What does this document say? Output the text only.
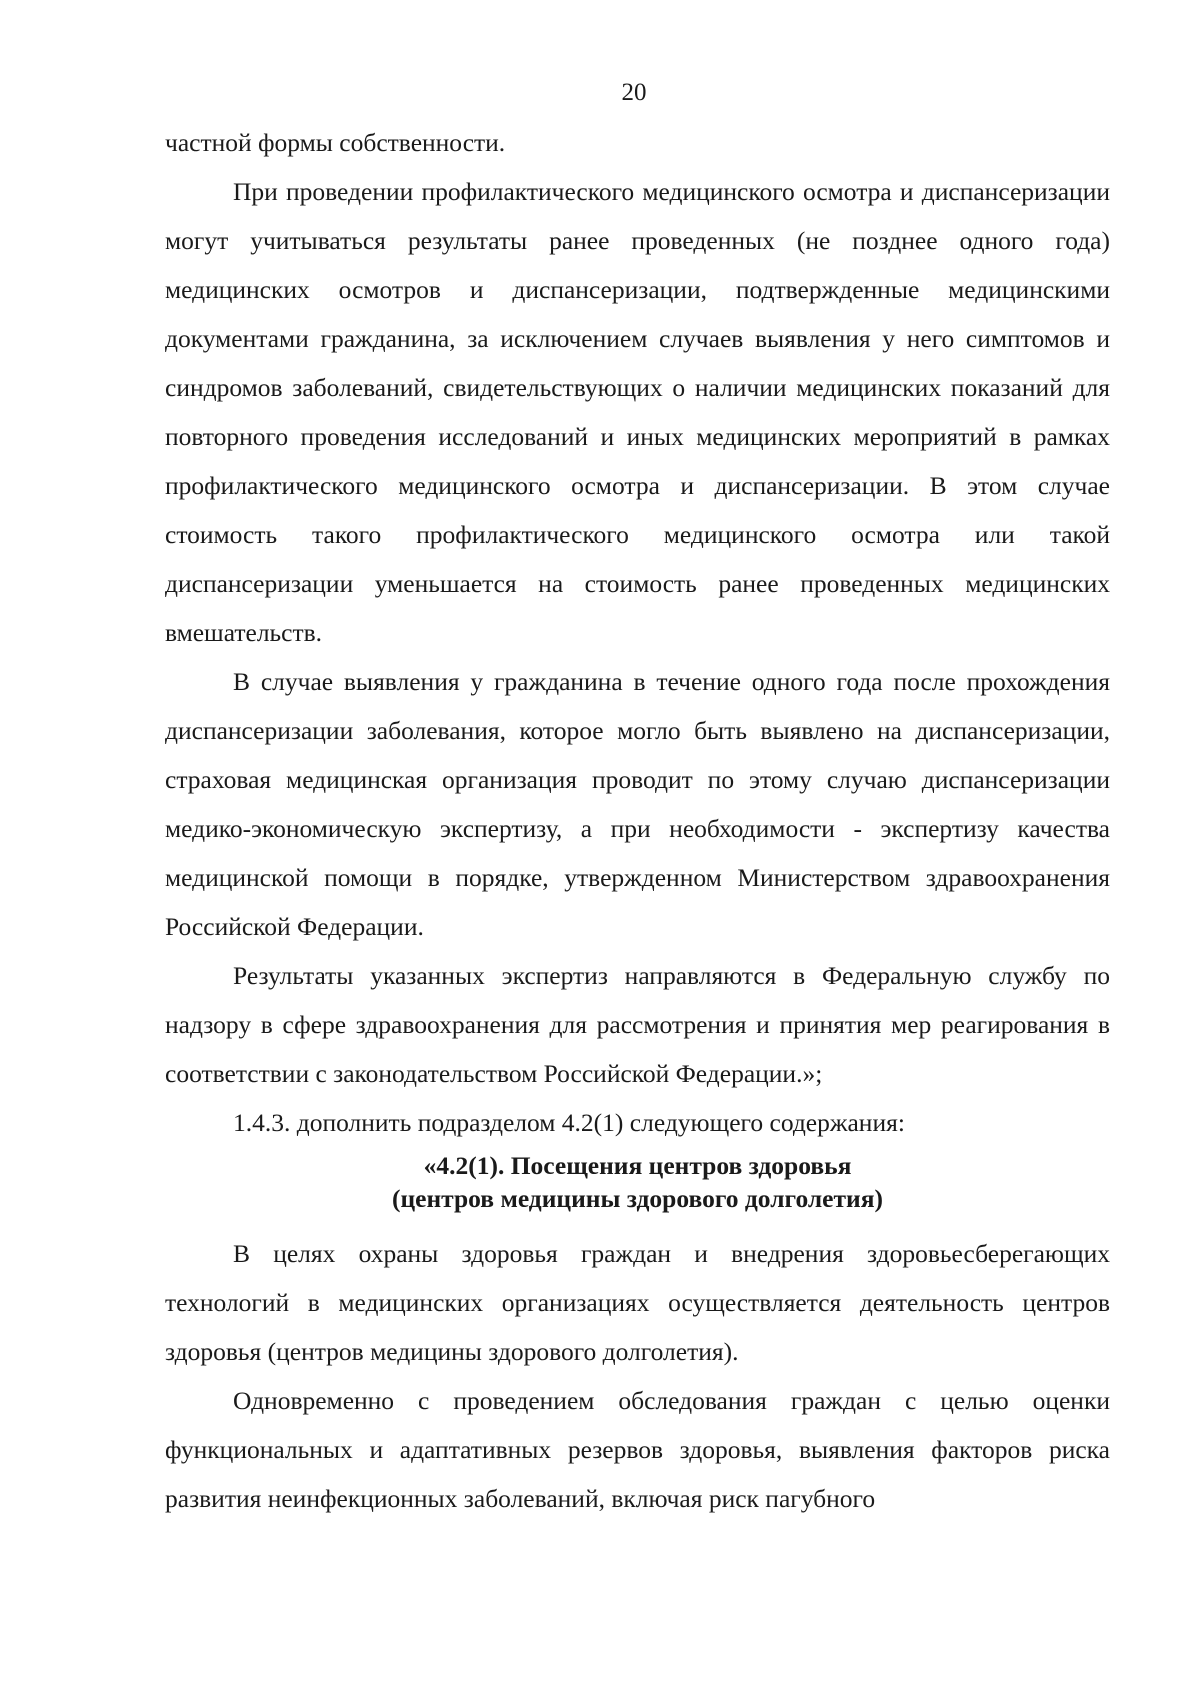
20

частной формы собственности.

При проведении профилактического медицинского осмотра и диспансеризации могут учитываться результаты ранее проведенных (не позднее одного года) медицинских осмотров и диспансеризации, подтвержденные медицинскими документами гражданина, за исключением случаев выявления у него симптомов и синдромов заболеваний, свидетельствующих о наличии медицинских показаний для повторного проведения исследований и иных медицинских мероприятий в рамках профилактического медицинского осмотра и диспансеризации. В этом случае стоимость такого профилактического медицинского осмотра или такой диспансеризации уменьшается на стоимость ранее проведенных медицинских вмешательств.

В случае выявления у гражданина в течение одного года после прохождения диспансеризации заболевания, которое могло быть выявлено на диспансеризации, страховая медицинская организация проводит по этому случаю диспансеризации медико-экономическую экспертизу, а при необходимости - экспертизу качества медицинской помощи в порядке, утвержденном Министерством здравоохранения Российской Федерации.

Результаты указанных экспертиз направляются в Федеральную службу по надзору в сфере здравоохранения для рассмотрения и принятия мер реагирования в соответствии с законодательством Российской Федерации.»;

1.4.3. дополнить подразделом 4.2(1) следующего содержания:

«4.2(1). Посещения центров здоровья
(центров медицины здорового долголетия)

В целях охраны здоровья граждан и внедрения здоровьесберегающих технологий в медицинских организациях осуществляется деятельность центров здоровья (центров медицины здорового долголетия).

Одновременно с проведением обследования граждан с целью оценки функциональных и адаптативных резервов здоровья, выявления факторов риска развития неинфекционных заболеваний, включая риск пагубного
